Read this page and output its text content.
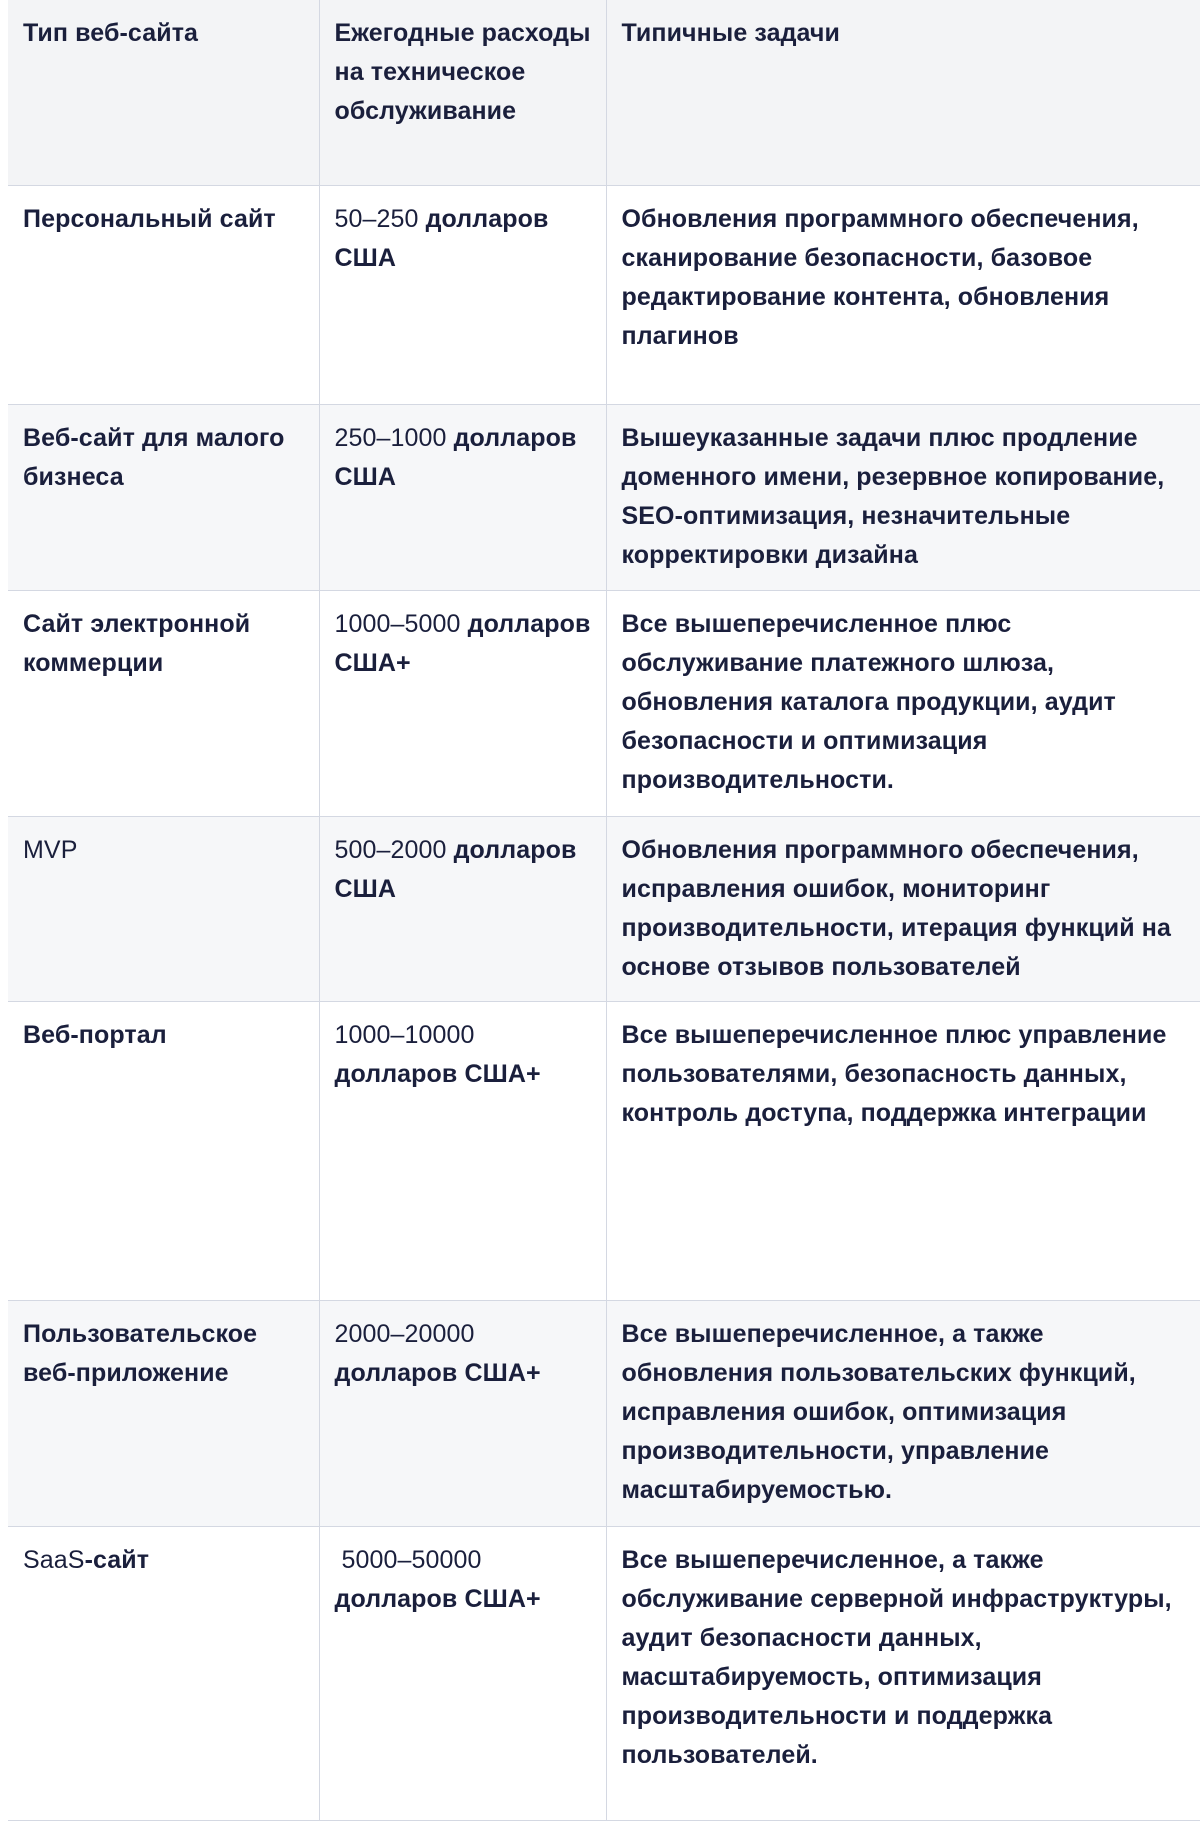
Тип веб-сайта	Ежегодные расходы на техническое обслуживание	Типичные задачи
Персональный сайт	50–250 долларов США	Обновления программного обеспечения, сканирование безопасности, базовое редактирование контента, обновления плагинов
Веб-сайт для малого бизнеса	250–1000 долларов США	Вышеуказанные задачи плюс продление доменного имени, резервное копирование, SEO-оптимизация, незначительные корректировки дизайна
Сайт электронной коммерции	1000–5000 долларов США+	Все вышеперечисленное плюс обслуживание платежного шлюза, обновления каталога продукции, аудит безопасности и оптимизация производительности.
MVP	500–2000 долларов США	Обновления программного обеспечения, исправления ошибок, мониторинг производительности, итерация функций на основе отзывов пользователей
Веб-портал	1000–10000 долларов США+	Все вышеперечисленное плюс управление пользователями, безопасность данных, контроль доступа, поддержка интеграции
Пользовательское веб-приложение	2000–20000 долларов США+	Все вышеперечисленное, а также обновления пользовательских функций, исправления ошибок, оптимизация производительности, управление масштабируемостью.
SaaS-сайт	5000–50000 долларов США+	Все вышеперечисленное, а также обслуживание серверной инфраструктуры, аудит безопасности данных, масштабируемость, оптимизация производительности и поддержка пользователей.
